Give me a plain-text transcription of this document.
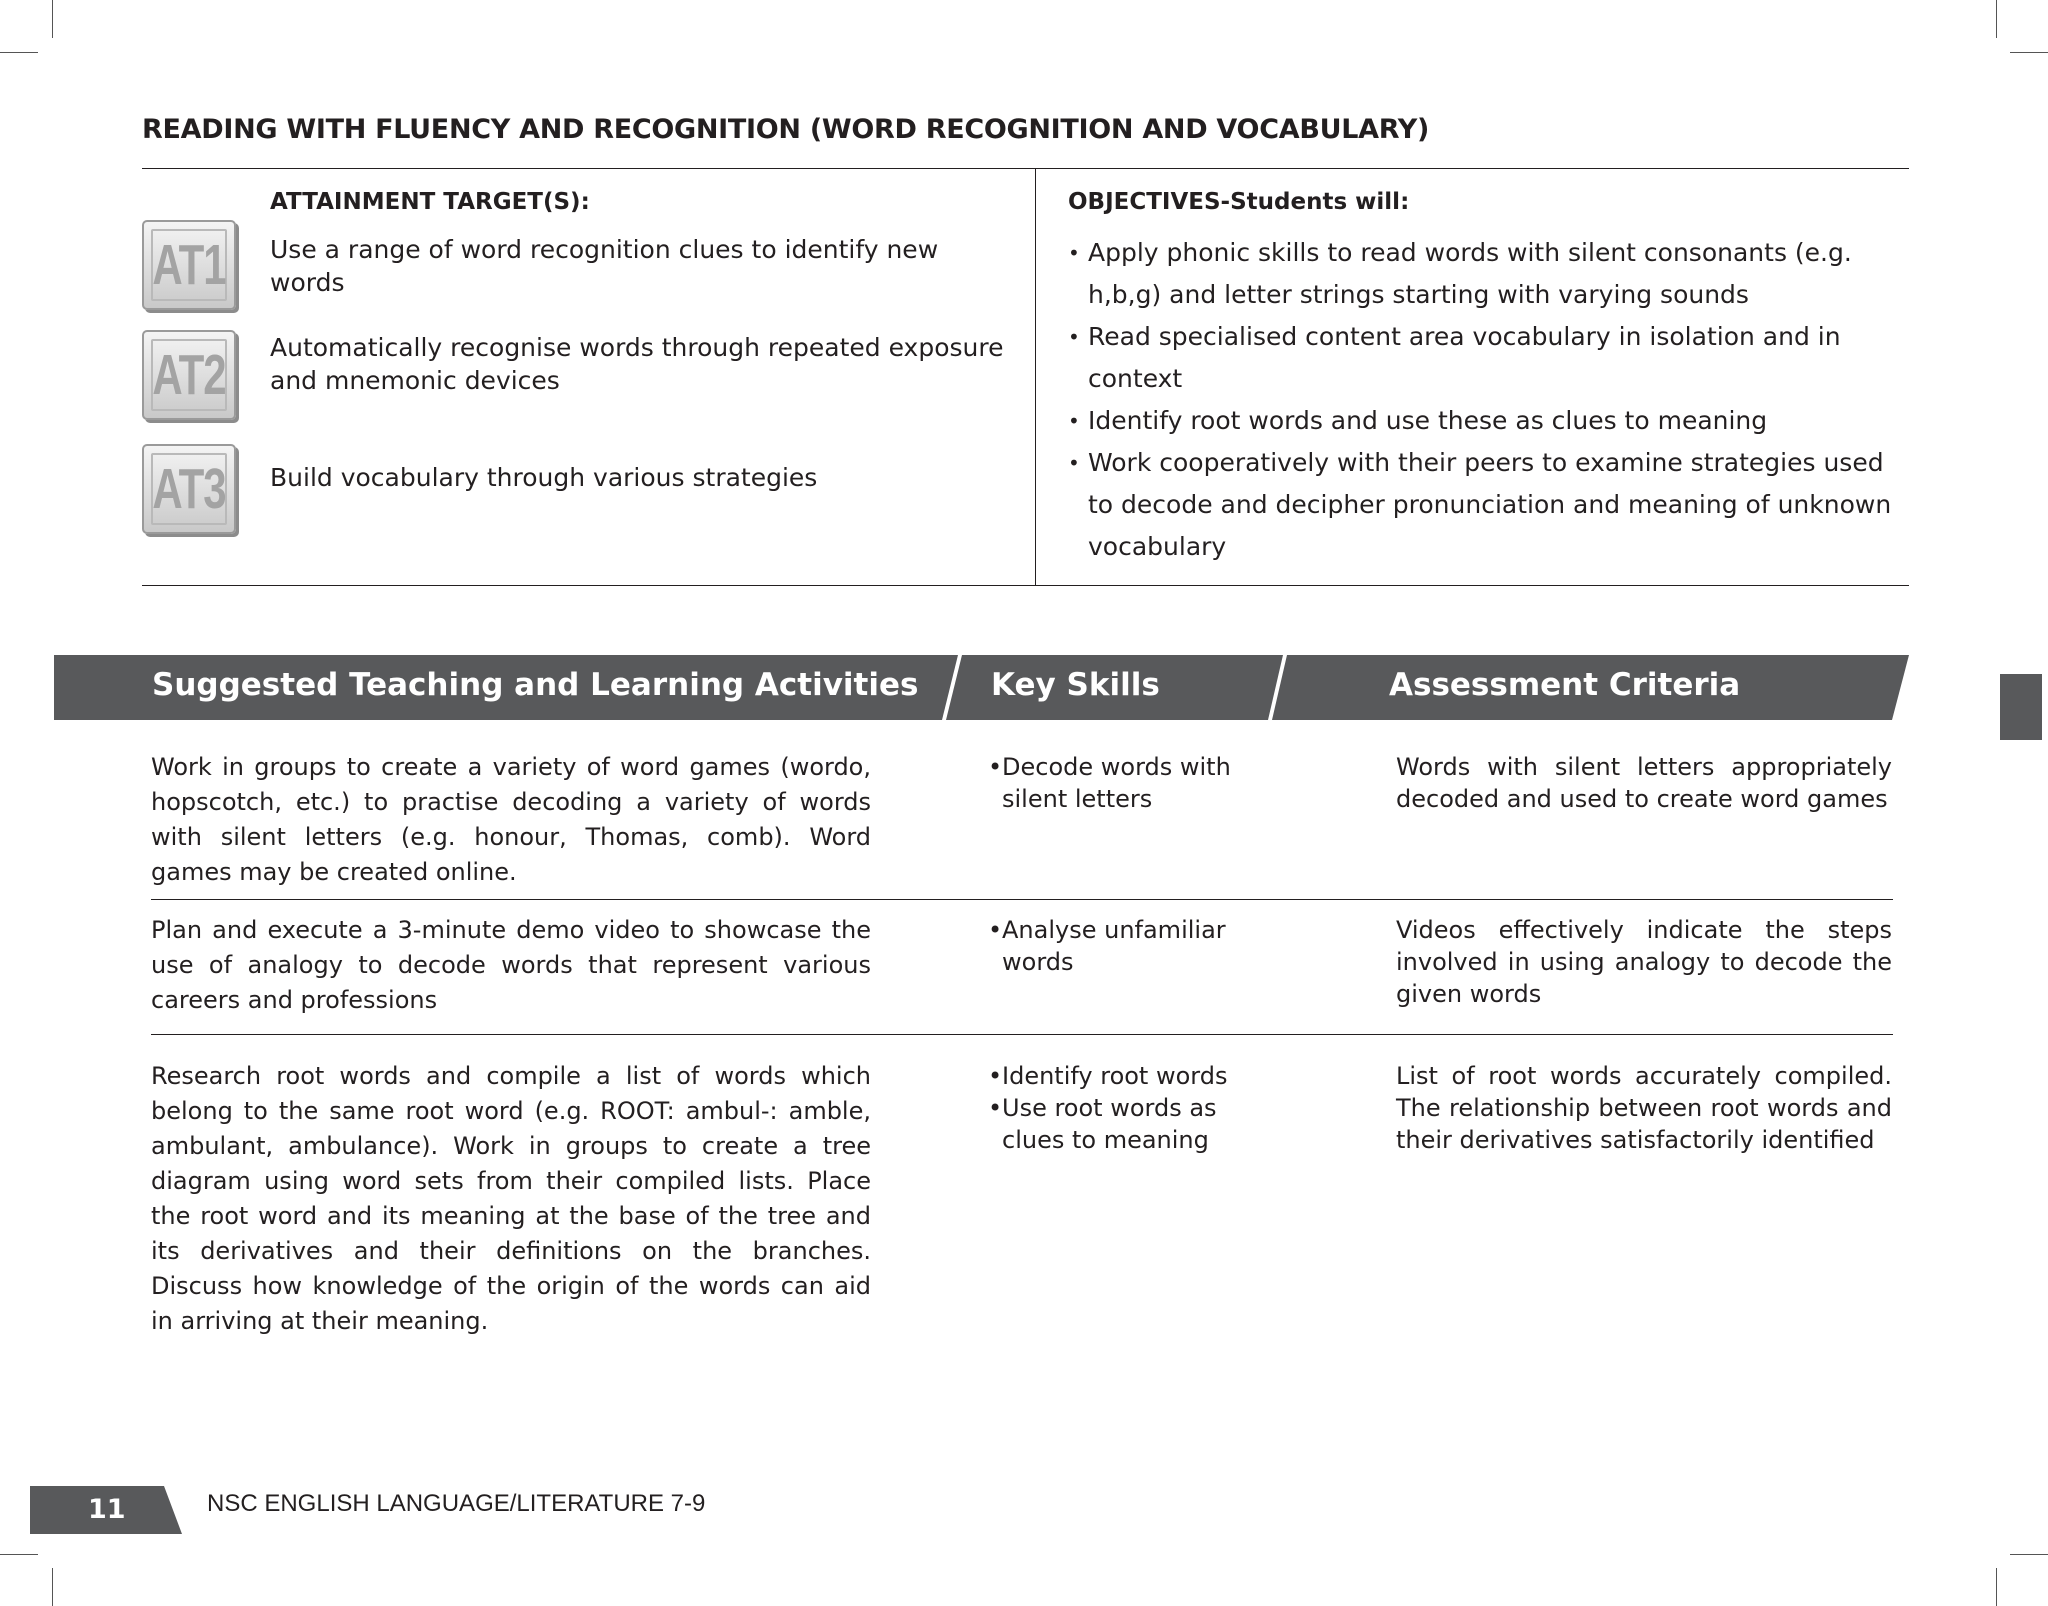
READING WITH FLUENCY AND RECOGNITION (WORD RECOGNITION AND VOCABULARY)
ATTAINMENT TARGET(S):
AT1 Use a range of word recognition clues to identify new words
AT2 Automatically recognise words through repeated exposure and mnemonic devices
AT3 Build vocabulary through various strategies
OBJECTIVES-Students will:
• Apply phonic skills to read words with silent consonants (e.g. h,b,g) and letter strings starting with varying sounds
• Read specialised content area vocabulary in isolation and in context
• Identify root words and use these as clues to meaning
• Work cooperatively with their peers to examine strategies used to decode and decipher pronunciation and meaning of unknown vocabulary
Suggested Teaching and Learning Activities Key Skills	Assessment Criteria
Work in groups to create a variety of word games (wordo, hopscotch, etc.) to practise decoding a variety of words with silent letters (e.g. honour, Thomas, comb). Word games may be created online.
• Decode words with silent letters
Words with silent letters appropriately decoded and used to create word games
Plan and execute a 3-minute demo video to showcase the use of analogy to decode words that represent various careers and professions
• Analyse unfamiliar words
Videos effectively indicate the steps involved in using analogy to decode the given words
Research root words and compile a list of words which belong to the same root word (e.g. ROOT: ambul-: amble, ambulant, ambulance). Work in groups to create a tree diagram using word sets from their compiled lists. Place the root word and its meaning at the base of the tree and its derivatives and their definitions on the branches. Discuss how knowledge of the origin of the words can aid in arriving at their meaning.
• Identify root words
• Use root words as clues to meaning
List of root words accurately compiled. The relationship between root words and their derivatives satisfactorily identified
11	NSC ENGLISH LANGUAGE/LITERATURE 7-9
